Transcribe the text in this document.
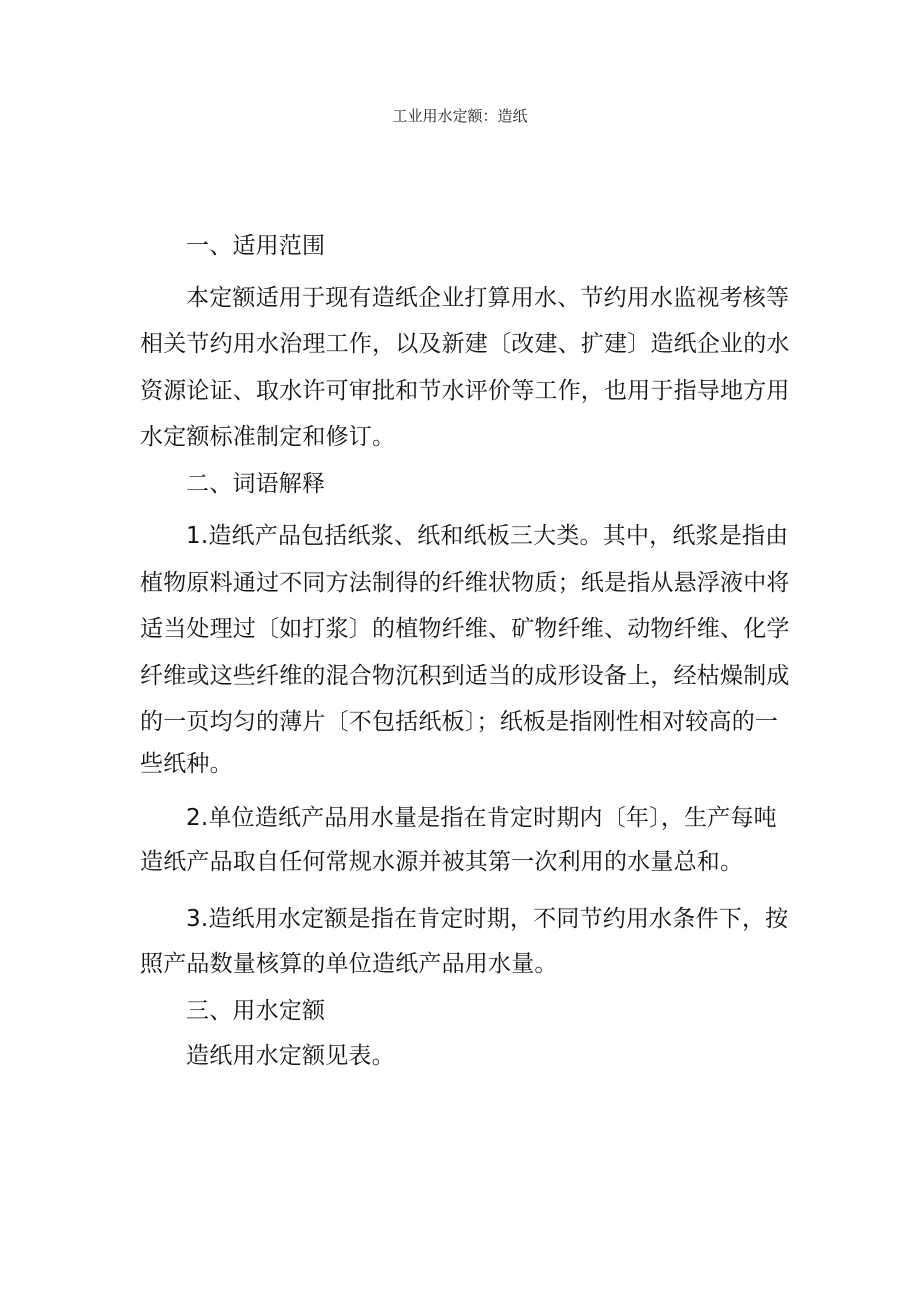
工业用水定额：造纸
一、适用范围
本定额适用于现有造纸企业打算用水、节约用水监视考核等
相关节约用水治理工作，以及新建〔改建、扩建〕造纸企业的水
资源论证、取水许可审批和节水评价等工作，也用于指导地方用
水定额标准制定和修订。
二、词语解释
1.造纸产品包括纸浆、纸和纸板三大类。其中，纸浆是指由
植物原料通过不同方法制得的纤维状物质；纸是指从悬浮液中将
适当处理过〔如打浆〕的植物纤维、矿物纤维、动物纤维、化学
纤维或这些纤维的混合物沉积到适当的成形设备上，经枯燥制成
的一页均匀的薄片〔不包括纸板〕；纸板是指刚性相对较高的一
些纸种。
2.单位造纸产品用水量是指在肯定时期内〔年〕，生产每吨
造纸产品取自任何常规水源并被其第一次利用的水量总和。
3.造纸用水定额是指在肯定时期，不同节约用水条件下，按
照产品数量核算的单位造纸产品用水量。
三、用水定额
造纸用水定额见表。
